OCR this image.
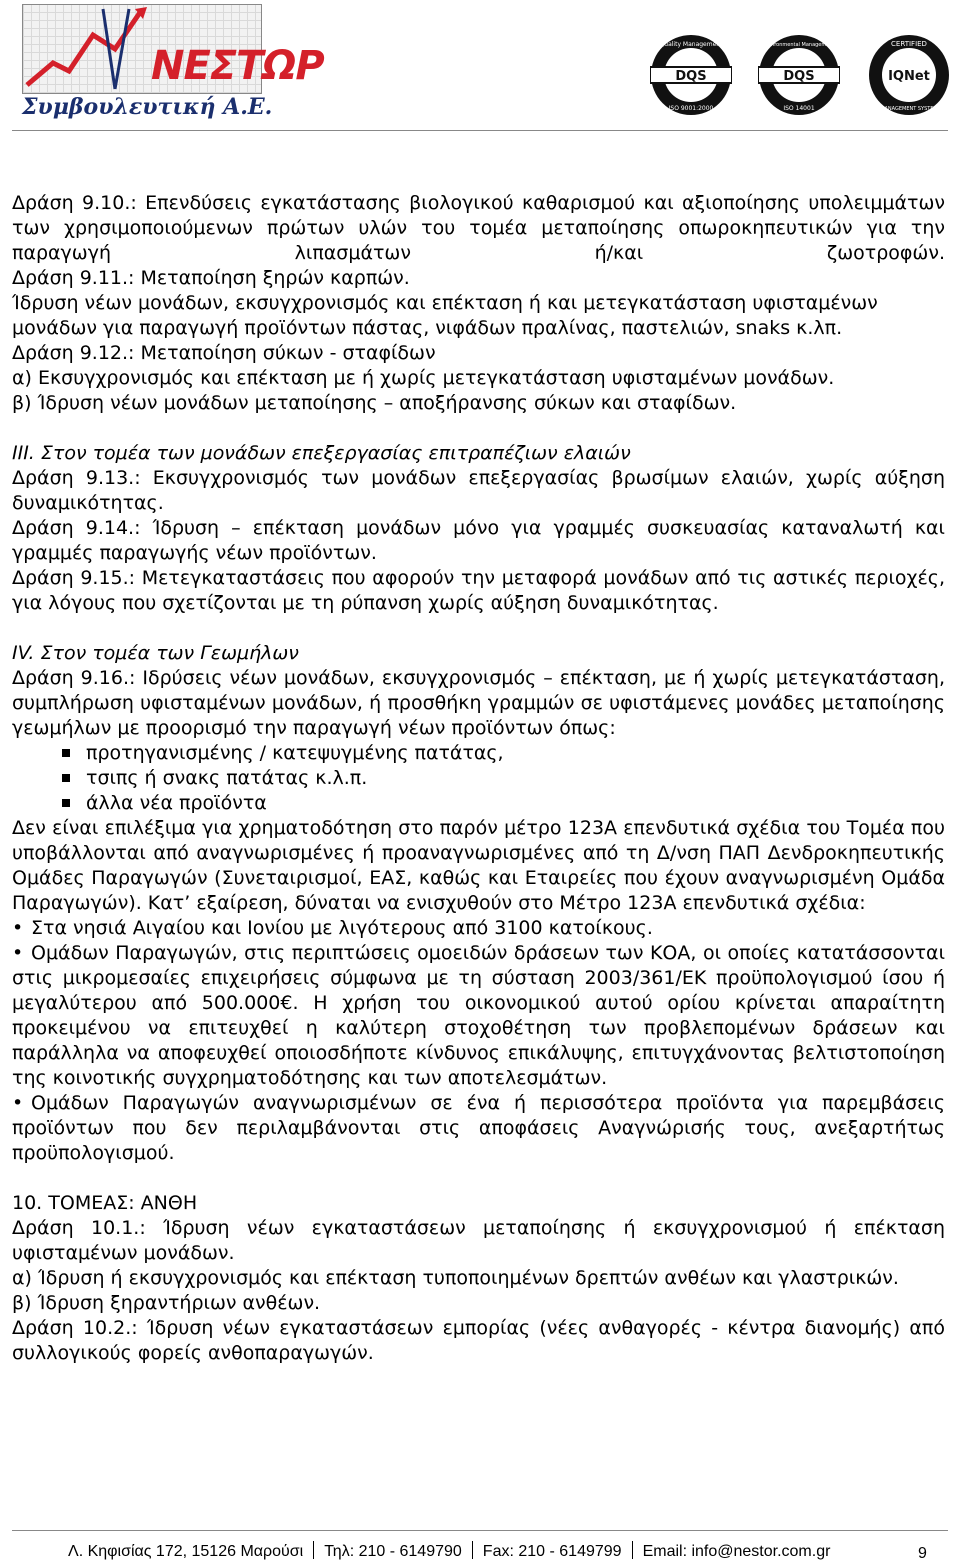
ΝΕΣΤΩΡ
Συμβουλευτική Α.Ε.
DQS
Quality Management
ISO 9001:2000
DQS
Environmental Management
ISO 14001
IQNet
CERTIFIED
MANAGEMENT SYSTEM

Δράση 9.10.: Επενδύσεις εγκατάστασης βιολογικού καθαρισμού και αξιοποίησης υπολειμμάτων των χρησιμοποιούμενων πρώτων υλών του τομέα μεταποίησης οπωροκηπευτικών για την παραγωγή λιπασμάτων ή/και ζωοτροφών.

Δράση 9.11.: Μεταποίηση ξηρών καρπών.

Ίδρυση νέων μονάδων, εκσυγχρονισμός και επέκταση ή και μετεγκατάσταση υφισταμένων μονάδων για παραγωγή προϊόντων πάστας, νιφάδων πραλίνας, παστελιών, snaks κ.λπ.

Δράση 9.12.: Μεταποίηση σύκων - σταφίδων

α) Εκσυγχρονισμός και επέκταση με ή χωρίς μετεγκατάσταση υφισταμένων μονάδων.

β) Ίδρυση νέων μονάδων μεταποίησης – αποξήρανσης σύκων και σταφίδων.

ΙΙΙ. Στον τομέα των μονάδων επεξεργασίας επιτραπέζιων ελαιών

Δράση 9.13.: Εκσυγχρονισμός των μονάδων επεξεργασίας βρωσίμων ελαιών, χωρίς αύξηση δυναμικότητας.

Δράση 9.14.: Ίδρυση – επέκταση μονάδων μόνο για γραμμές συσκευασίας καταναλωτή και γραμμές παραγωγής νέων προϊόντων.

Δράση 9.15.: Μετεγκαταστάσεις που αφορούν την μεταφορά μονάδων από τις αστικές περιοχές, για λόγους που σχετίζονται με τη ρύπανση χωρίς αύξηση δυναμικότητας.

IV. Στον τομέα των Γεωμήλων

Δράση 9.16.: Ιδρύσεις νέων μονάδων, εκσυγχρονισμός – επέκταση, με ή χωρίς μετεγκατάσταση, συμπλήρωση υφισταμένων μονάδων, ή προσθήκη γραμμών σε υφιστάμενες μονάδες μεταποίησης γεωμήλων με προορισμό την παραγωγή νέων προϊόντων όπως:

προτηγανισμένης / κατεψυγμένης πατάτας,
τσιπς ή σνακς πατάτας κ.λ.π.
άλλα νέα προϊόντα

Δεν είναι επιλέξιμα για χρηματοδότηση στο παρόν μέτρο 123Α επενδυτικά σχέδια του Τομέα που υποβάλλονται από αναγνωρισμένες ή προαναγνωρισμένες από τη Δ/νση ΠΑΠ Δενδροκηπευτικής Ομάδες Παραγωγών (Συνεταιρισμοί, ΕΑΣ, καθώς και Εταιρείες που έχουν αναγνωρισμένη Ομάδα Παραγωγών). Κατ’ εξαίρεση, δύναται να ενισχυθούν στο Μέτρο 123Α επενδυτικά σχέδια:

• Στα νησιά Αιγαίου και Ιονίου με λιγότερους από 3100 κατοίκους.

• Ομάδων Παραγωγών, στις περιπτώσεις ομοειδών δράσεων των ΚΟΑ, οι οποίες κατατάσσονται στις μικρομεσαίες επιχειρήσεις σύμφωνα με τη σύσταση 2003/361/ΕΚ προϋπολογισμού ίσου ή μεγαλύτερου από 500.000€. Η χρήση του οικονομικού αυτού ορίου κρίνεται απαραίτητη προκειμένου να επιτευχθεί η καλύτερη στοχοθέτηση των προβλεπομένων δράσεων και παράλληλα να αποφευχθεί οποιοσδήποτε κίνδυνος επικάλυψης, επιτυγχάνοντας βελτιστοποίηση της κοινοτικής συγχρηματοδότησης και των αποτελεσμάτων.

• Ομάδων Παραγωγών αναγνωρισμένων σε ένα ή περισσότερα προϊόντα για παρεμβάσεις προϊόντων που δεν περιλαμβάνονται στις αποφάσεις Αναγνώρισής τους, ανεξαρτήτως προϋπολογισμού.

10. ΤΟΜΕΑΣ: ΑΝΘΗ

Δράση 10.1.: Ίδρυση νέων εγκαταστάσεων μεταποίησης ή εκσυγχρονισμού ή επέκταση υφισταμένων μονάδων.

α) Ίδρυση ή εκσυγχρονισμός και επέκταση τυποποιημένων δρεπτών ανθέων και γλαστρικών.

β) Ίδρυση ξηραντήριων ανθέων.

Δράση 10.2.: Ίδρυση νέων εγκαταστάσεων εμπορίας (νέες ανθαγορές - κέντρα διανομής) από συλλογικούς φορείς ανθοπαραγωγών.

Λ. Κηφισίας 172, 15126 Μαρούσι Τηλ: 210 - 6149790 Fax: 210 - 6149799 Email: info@nestor.com.gr	9
